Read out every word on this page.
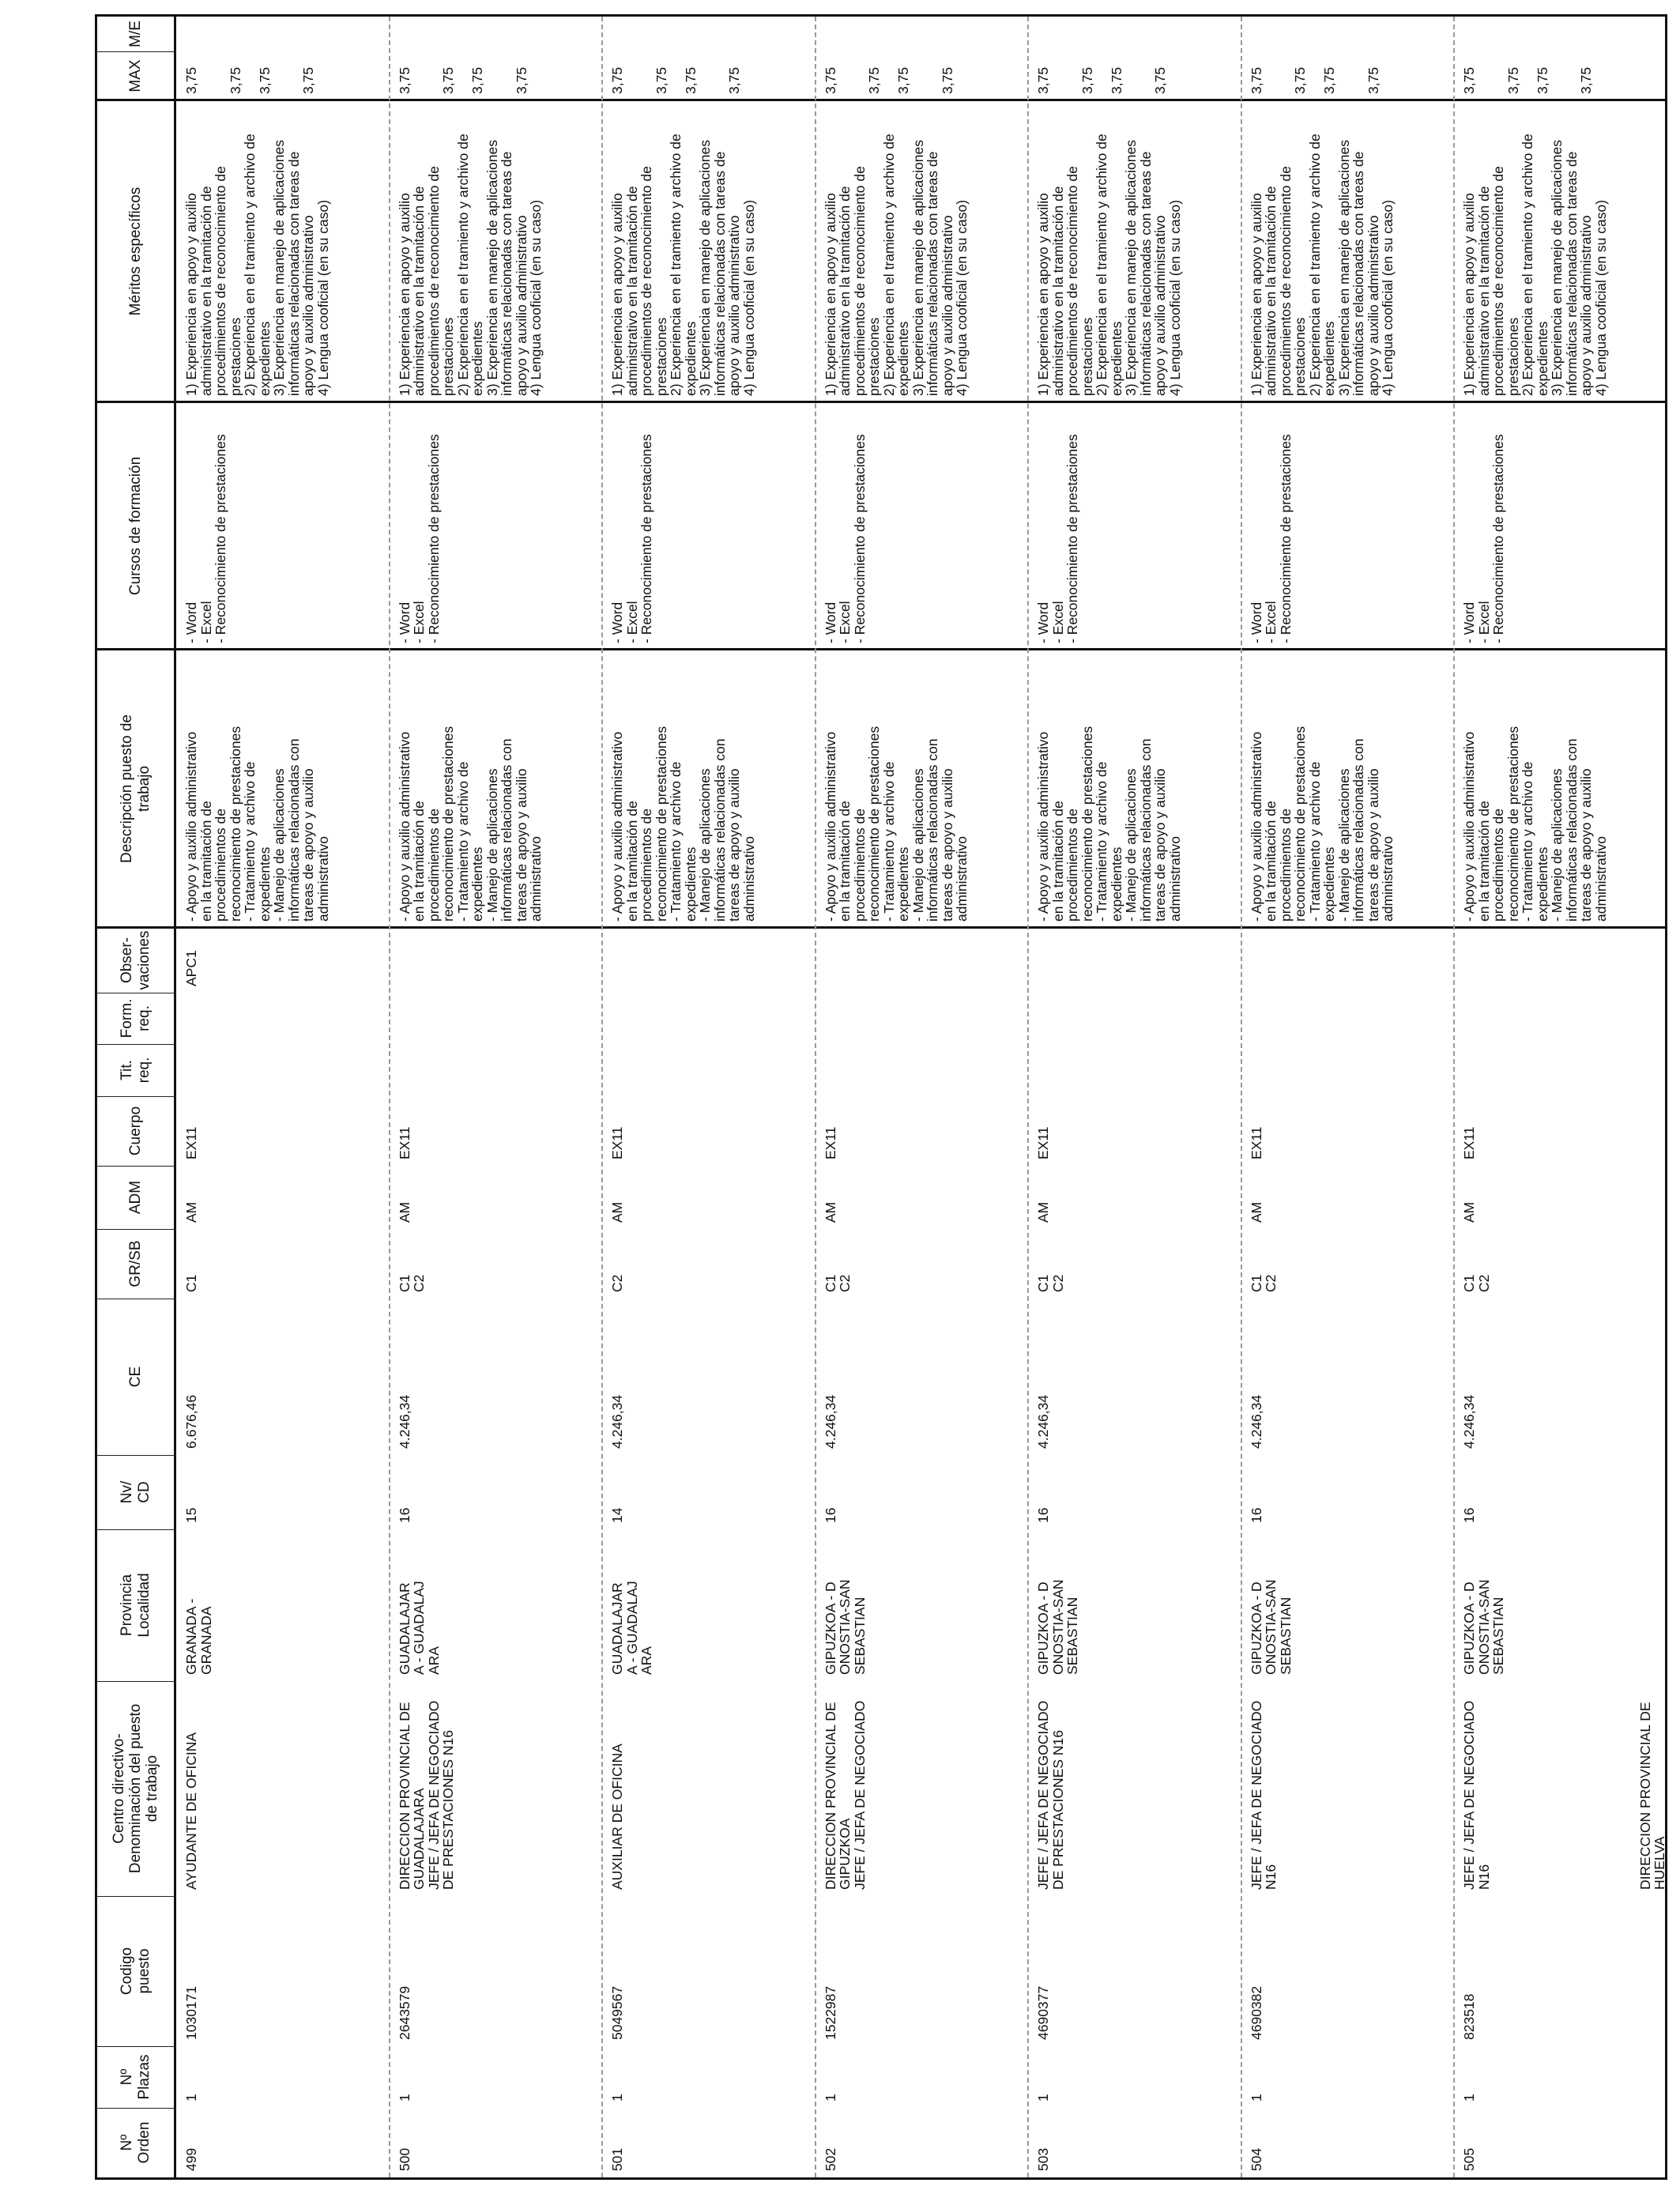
Nº
Orden
Nº
Plazas
Codigo
puesto
Centro directivo-
Denominación del puesto
de trabajo
Provincia
Localidad
Nv/
CD
CE
GR/SB
ADM
Cuerpo
Tit.
req.
Form.
req.
Obser-
vaciones
Descripción puesto de
trabajo
Cursos de formación
Méritos específicos
MAX
M/E
499
1
1030171
AYUDANTE DE OFICINA
GRANADA -
GRANADA
15
6.676,46
C1
AM
EX11
APC1
- Apoyo y auxilio administrativo
en la tramitación de
procedimientos de
reconocimiento de prestaciones
- Tratamiento y archivo de
expedientes
- Manejo de aplicaciones
informáticas relacionadas con
tareas de apoyo y auxilio
administrativo
- Word
- Excel
- Reconocimiento de prestaciones
1) Experiencia en apoyo y auxilio
administrativo en la tramitación de
procedimientos de reconocimiento de
prestaciones
2) Experiencia en el tramiento y archivo de
expedientes
3) Experiencia en manejo de aplicaciones
informáticas relacionadas con tareas de
apoyo y auxilio administrativo
4) Lengua cooficial (en su caso)
3,75

3,75

3,75

3,75
500
1
2643579
DIRECCION PROVINCIAL DE
GUADALAJARA
JEFE / JEFA DE NEGOCIADO
DE PRESTACIONES N16
GUADALAJAR
A - GUADALAJ
ARA
16
4.246,34
C1
C2
AM
EX11
- Apoyo y auxilio administrativo
en la tramitación de
procedimientos de
reconocimiento de prestaciones
- Tratamiento y archivo de
expedientes
- Manejo de aplicaciones
informáticas relacionadas con
tareas de apoyo y auxilio
administrativo
- Word
- Excel
- Reconocimiento de prestaciones
1) Experiencia en apoyo y auxilio
administrativo en la tramitación de
procedimientos de reconocimiento de
prestaciones
2) Experiencia en el tramiento y archivo de
expedientes
3) Experiencia en manejo de aplicaciones
informáticas relacionadas con tareas de
apoyo y auxilio administrativo
4) Lengua cooficial (en su caso)
3,75

3,75

3,75

3,75
501
1
5049567
AUXILIAR DE OFICINA
GUADALAJAR
A - GUADALAJ
ARA
14
4.246,34
C2
AM
EX11
- Apoyo y auxilio administrativo
en la tramitación de
procedimientos de
reconocimiento de prestaciones
- Tratamiento y archivo de
expedientes
- Manejo de aplicaciones
informáticas relacionadas con
tareas de apoyo y auxilio
administrativo
- Word
- Excel
- Reconocimiento de prestaciones
1) Experiencia en apoyo y auxilio
administrativo en la tramitación de
procedimientos de reconocimiento de
prestaciones
2) Experiencia en el tramiento y archivo de
expedientes
3) Experiencia en manejo de aplicaciones
informáticas relacionadas con tareas de
apoyo y auxilio administrativo
4) Lengua cooficial (en su caso)
3,75

3,75

3,75

3,75
502
1
1522987
DIRECCION PROVINCIAL DE
GIPUZKOA
JEFE / JEFA DE NEGOCIADO
GIPUZKOA - D
ONOSTIA-SAN
SEBASTIAN
16
4.246,34
C1
C2
AM
EX11
- Apoyo y auxilio administrativo
en la tramitación de
procedimientos de
reconocimiento de prestaciones
- Tratamiento y archivo de
expedientes
- Manejo de aplicaciones
informáticas relacionadas con
tareas de apoyo y auxilio
administrativo
- Word
- Excel
- Reconocimiento de prestaciones
1) Experiencia en apoyo y auxilio
administrativo en la tramitación de
procedimientos de reconocimiento de
prestaciones
2) Experiencia en el tramiento y archivo de
expedientes
3) Experiencia en manejo de aplicaciones
informáticas relacionadas con tareas de
apoyo y auxilio administrativo
4) Lengua cooficial (en su caso)
3,75

3,75

3,75

3,75
503
1
4690377
JEFE / JEFA DE NEGOCIADO
DE PRESTACIONES N16
GIPUZKOA - D
ONOSTIA-SAN
SEBASTIAN
16
4.246,34
C1
C2
AM
EX11
- Apoyo y auxilio administrativo
en la tramitación de
procedimientos de
reconocimiento de prestaciones
- Tratamiento y archivo de
expedientes
- Manejo de aplicaciones
informáticas relacionadas con
tareas de apoyo y auxilio
administrativo
- Word
- Excel
- Reconocimiento de prestaciones
1) Experiencia en apoyo y auxilio
administrativo en la tramitación de
procedimientos de reconocimiento de
prestaciones
2) Experiencia en el tramiento y archivo de
expedientes
3) Experiencia en manejo de aplicaciones
informáticas relacionadas con tareas de
apoyo y auxilio administrativo
4) Lengua cooficial (en su caso)
3,75

3,75

3,75

3,75
504
1
4690382
JEFE / JEFA DE NEGOCIADO
N16
GIPUZKOA - D
ONOSTIA-SAN
SEBASTIAN
16
4.246,34
C1
C2
AM
EX11
- Apoyo y auxilio administrativo
en la tramitación de
procedimientos de
reconocimiento de prestaciones
- Tratamiento y archivo de
expedientes
- Manejo de aplicaciones
informáticas relacionadas con
tareas de apoyo y auxilio
administrativo
- Word
- Excel
- Reconocimiento de prestaciones
1) Experiencia en apoyo y auxilio
administrativo en la tramitación de
procedimientos de reconocimiento de
prestaciones
2) Experiencia en el tramiento y archivo de
expedientes
3) Experiencia en manejo de aplicaciones
informáticas relacionadas con tareas de
apoyo y auxilio administrativo
4) Lengua cooficial (en su caso)
3,75

3,75

3,75

3,75
505
1
823518
JEFE / JEFA DE NEGOCIADO
N16

DIRECCION PROVINCIAL DE
HUELVA
GIPUZKOA - D
ONOSTIA-SAN
SEBASTIAN
16
4.246,34
C1
C2
AM
EX11
- Apoyo y auxilio administrativo
en la tramitación de
procedimientos de
reconocimiento de prestaciones
- Tratamiento y archivo de
expedientes
- Manejo de aplicaciones
informáticas relacionadas con
tareas de apoyo y auxilio
administrativo
- Word
- Excel
- Reconocimiento de prestaciones
1) Experiencia en apoyo y auxilio
administrativo en la tramitación de
procedimientos de reconocimiento de
prestaciones
2) Experiencia en el tramiento y archivo de
expedientes
3) Experiencia en manejo de aplicaciones
informáticas relacionadas con tareas de
apoyo y auxilio administrativo
4) Lengua cooficial (en su caso)
3,75

3,75

3,75

3,75
